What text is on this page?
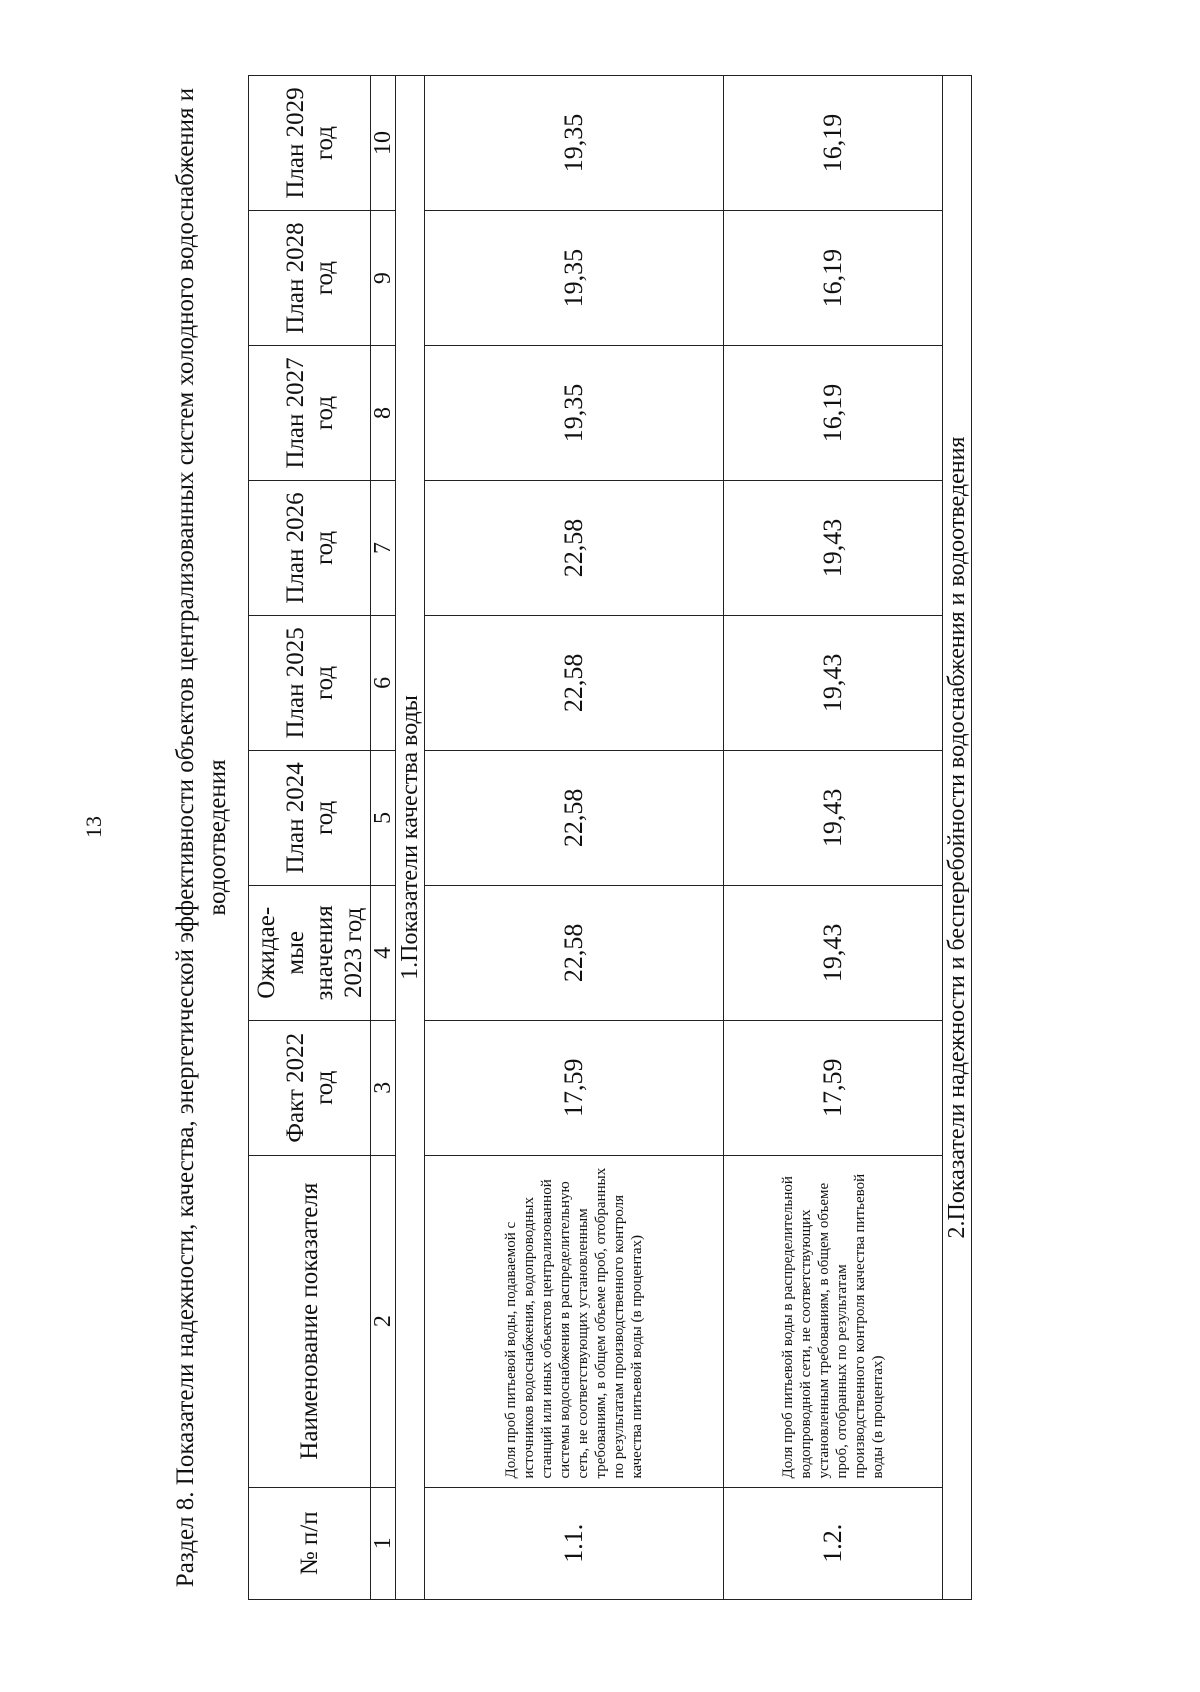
13	Раздел 8. Показатели надежности, качества, энергетической эффективности объектов централизованных систем холодного водоснабжения и водоотведения
№ п/п	Наименование показателя	Факт 2022 год	Ожидае-мые значения 2023 год	План 2024 год	План 2025 год	План 2026 год	План 2027 год	План 2028 год	План 2029 год
1	2	3	4	5	6	7	8	9	10
1.Показатели качества воды									
1.1.	Доля проб питьевой воды, подаваемой с источников водоснабжения, водопроводных станций или иных объектов централизованной системы водоснабжения в распределительную сеть, не соответствующих установленным требованиям, в общем объеме проб, отобранных по результатам производственного контроля качества питьевой воды (в процентах)	17,59	22,58	22,58	22,58	22,58	19,35	19,35	19,35
1.2.	Доля проб питьевой воды в распределительной водопроводной сети, не соответствующих установленным требованиям, в общем объеме проб, отобранных по результатам производственного контроля качества питьевой воды (в процентах)	17,59	19,43	19,43	19,43	19,43	16,19	16,19	16,19
2.Показатели надежности и бесперебойности водоснабжения и водоотведения									
